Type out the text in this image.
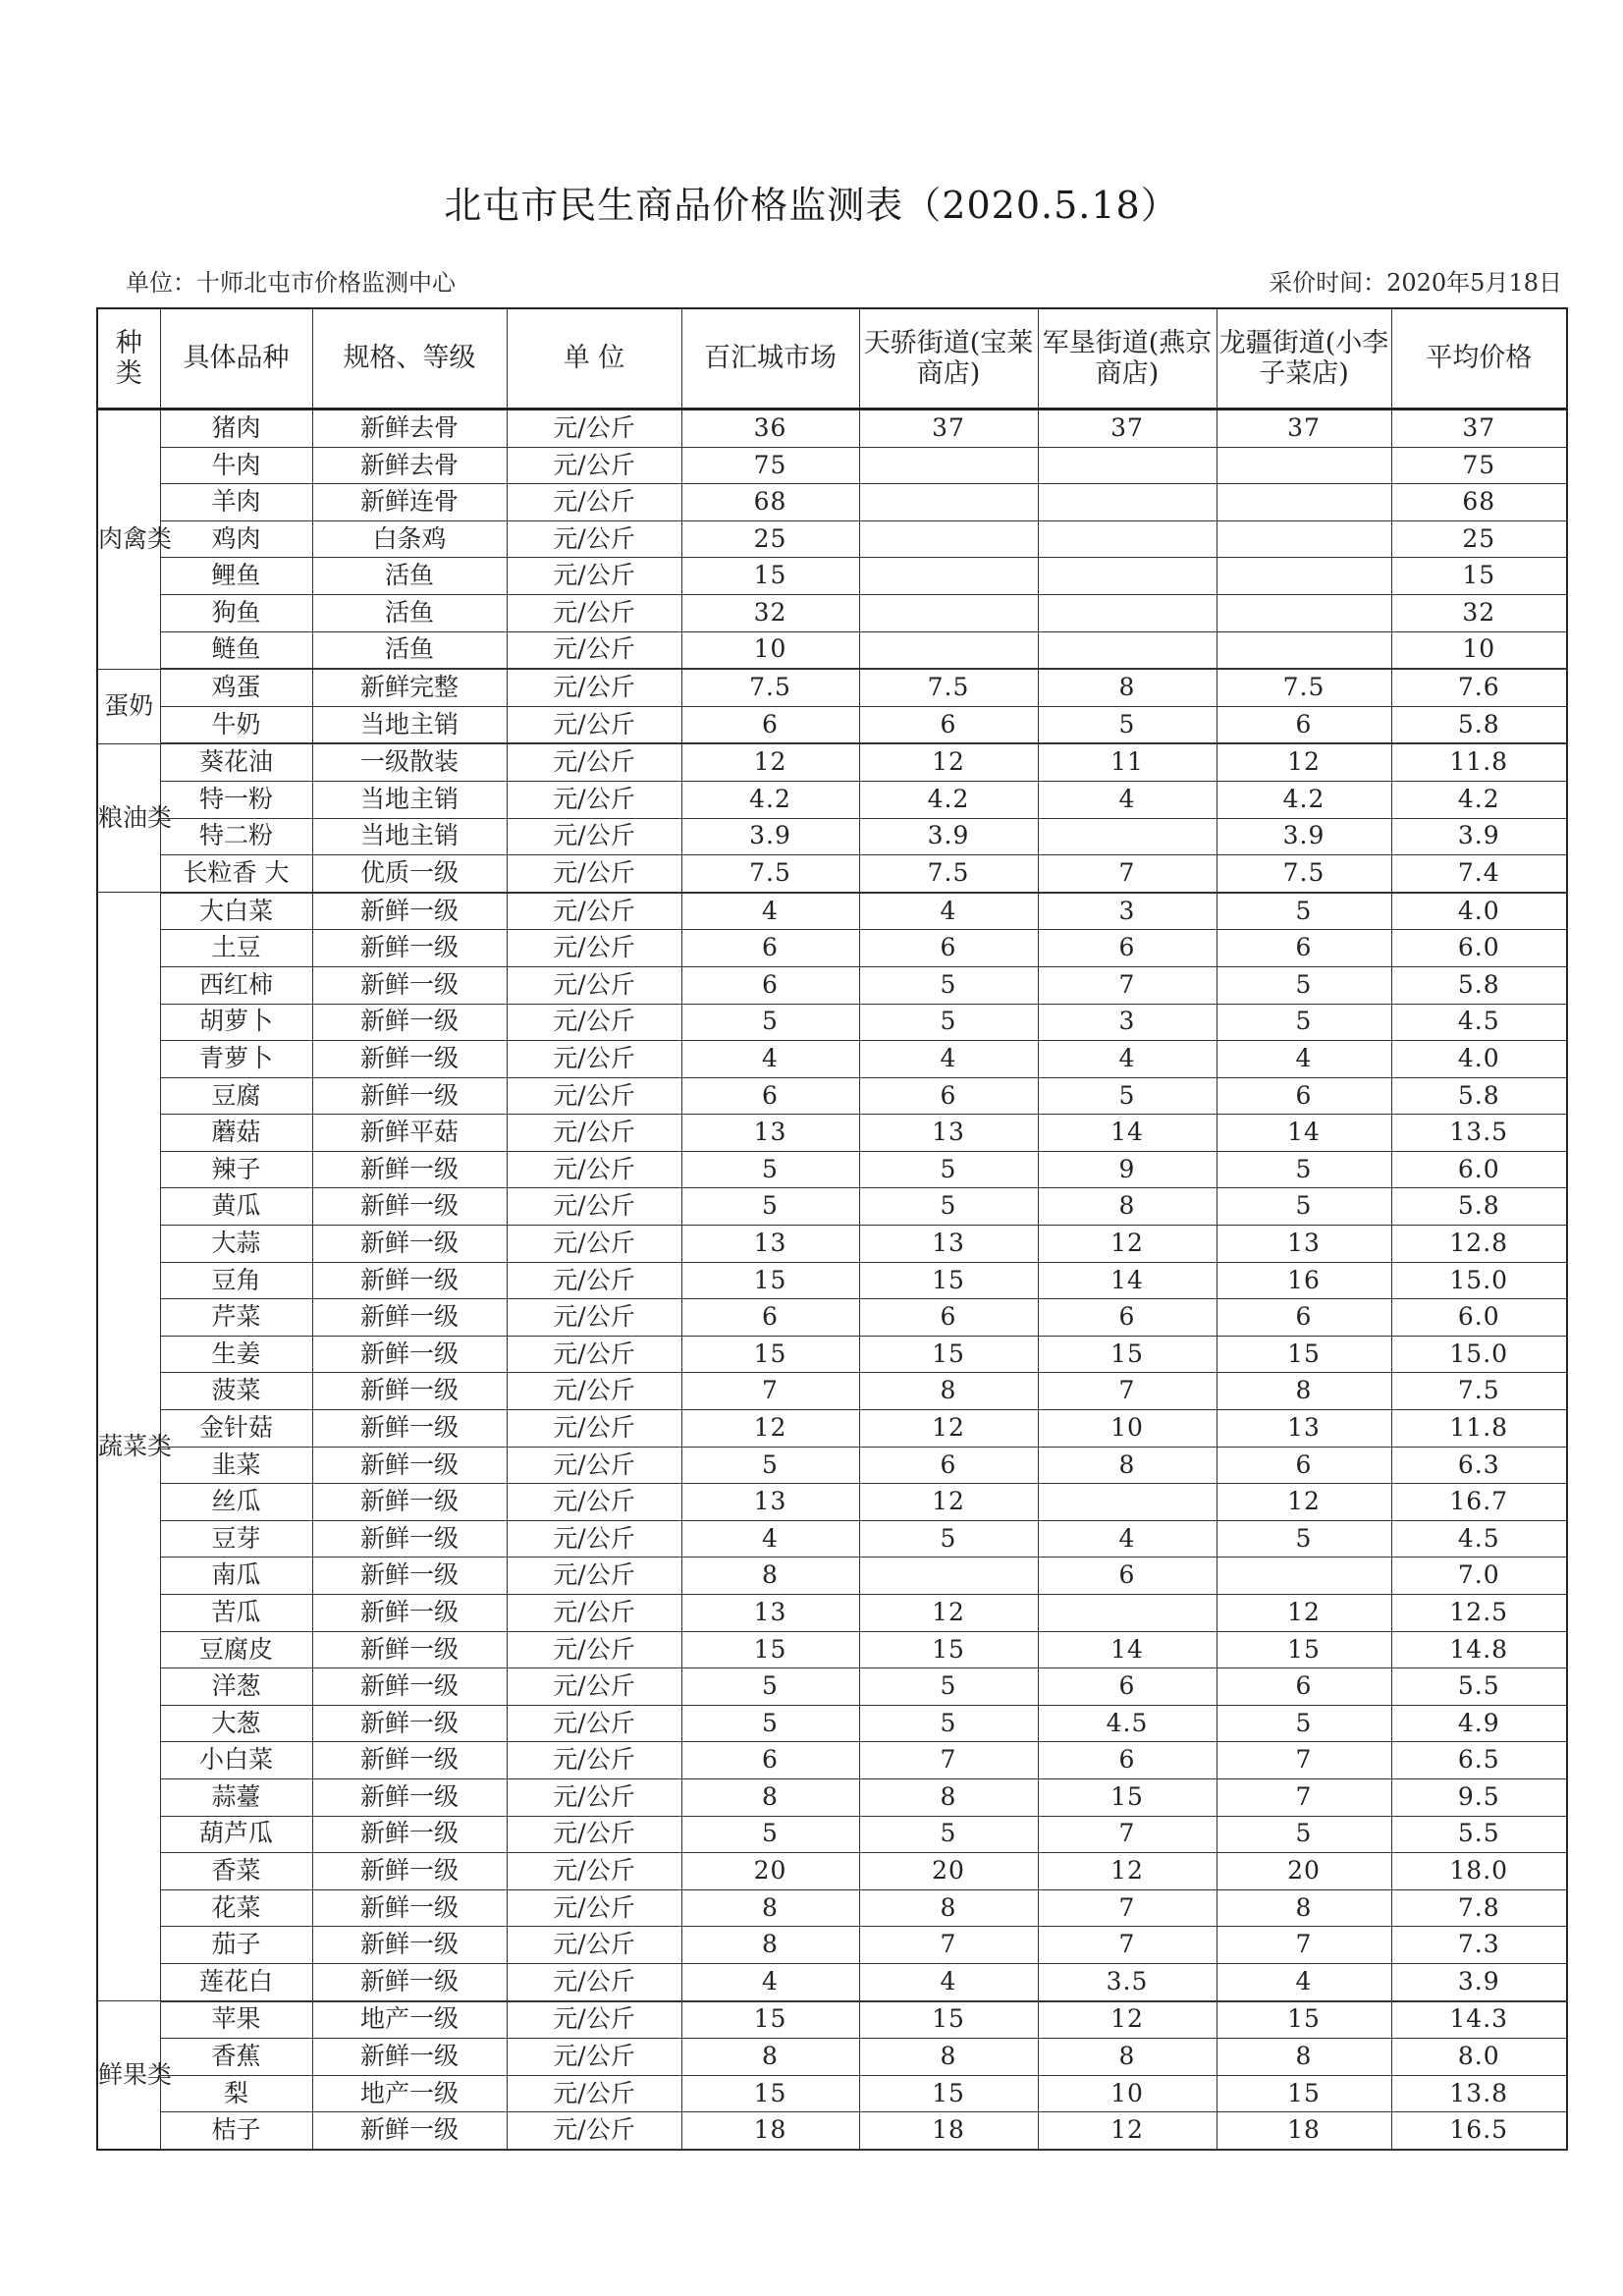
北屯市民生商品价格监测表（2020.5.18）
单位：十师北屯市价格监测中心	采价时间：2020年5月18日
种类	具体品种	规格、等级	单 位	百汇城市场	天骄街道(宝莱商店)	军垦街道(燕京商店)	龙疆街道(小李子菜店)	平均价格
肉禽类	猪肉	新鲜去骨	元/公斤	36	37	37	37	37
	牛肉	新鲜去骨	元/公斤	75				75
	羊肉	新鲜连骨	元/公斤	68				68
	鸡肉	白条鸡	元/公斤	25				25
	鲤鱼	活鱼	元/公斤	15				15
	狗鱼	活鱼	元/公斤	32				32
	鲢鱼	活鱼	元/公斤	10				10
蛋奶	鸡蛋	新鲜完整	元/公斤	7.5	7.5	8	7.5	7.6
	牛奶	当地主销	元/公斤	6	6	5	6	5.8
粮油类	葵花油	一级散装	元/公斤	12	12	11	12	11.8
	特一粉	当地主销	元/公斤	4.2	4.2	4	4.2	4.2
	特二粉	当地主销	元/公斤	3.9	3.9		3.9	3.9
	长粒香 大	优质一级	元/公斤	7.5	7.5	7	7.5	7.4
蔬菜类	大白菜	新鲜一级	元/公斤	4	4	3	5	4.0
	土豆	新鲜一级	元/公斤	6	6	6	6	6.0
	西红柿	新鲜一级	元/公斤	6	5	7	5	5.8
	胡萝卜	新鲜一级	元/公斤	5	5	3	5	4.5
	青萝卜	新鲜一级	元/公斤	4	4	4	4	4.0
	豆腐	新鲜一级	元/公斤	6	6	5	6	5.8
	蘑菇	新鲜平菇	元/公斤	13	13	14	14	13.5
	辣子	新鲜一级	元/公斤	5	5	9	5	6.0
	黄瓜	新鲜一级	元/公斤	5	5	8	5	5.8
	大蒜	新鲜一级	元/公斤	13	13	12	13	12.8
	豆角	新鲜一级	元/公斤	15	15	14	16	15.0
	芹菜	新鲜一级	元/公斤	6	6	6	6	6.0
	生姜	新鲜一级	元/公斤	15	15	15	15	15.0
	菠菜	新鲜一级	元/公斤	7	8	7	8	7.5
	金针菇	新鲜一级	元/公斤	12	12	10	13	11.8
	韭菜	新鲜一级	元/公斤	5	6	8	6	6.3
	丝瓜	新鲜一级	元/公斤	13	12		12	16.7
	豆芽	新鲜一级	元/公斤	4	5	4	5	4.5
	南瓜	新鲜一级	元/公斤	8		6		7.0
	苦瓜	新鲜一级	元/公斤	13	12		12	12.5
	豆腐皮	新鲜一级	元/公斤	15	15	14	15	14.8
	洋葱	新鲜一级	元/公斤	5	5	6	6	5.5
	大葱	新鲜一级	元/公斤	5	5	4.5	5	4.9
	小白菜	新鲜一级	元/公斤	6	7	6	7	6.5
	蒜薹	新鲜一级	元/公斤	8	8	15	7	9.5
	葫芦瓜	新鲜一级	元/公斤	5	5	7	5	5.5
	香菜	新鲜一级	元/公斤	20	20	12	20	18.0
	花菜	新鲜一级	元/公斤	8	8	7	8	7.8
	茄子	新鲜一级	元/公斤	8	7	7	7	7.3
	莲花白	新鲜一级	元/公斤	4	4	3.5	4	3.9
鲜果类	苹果	地产一级	元/公斤	15	15	12	15	14.3
	香蕉	新鲜一级	元/公斤	8	8	8	8	8.0
	梨	地产一级	元/公斤	15	15	10	15	13.8
	桔子	新鲜一级	元/公斤	18	18	12	18	16.5
